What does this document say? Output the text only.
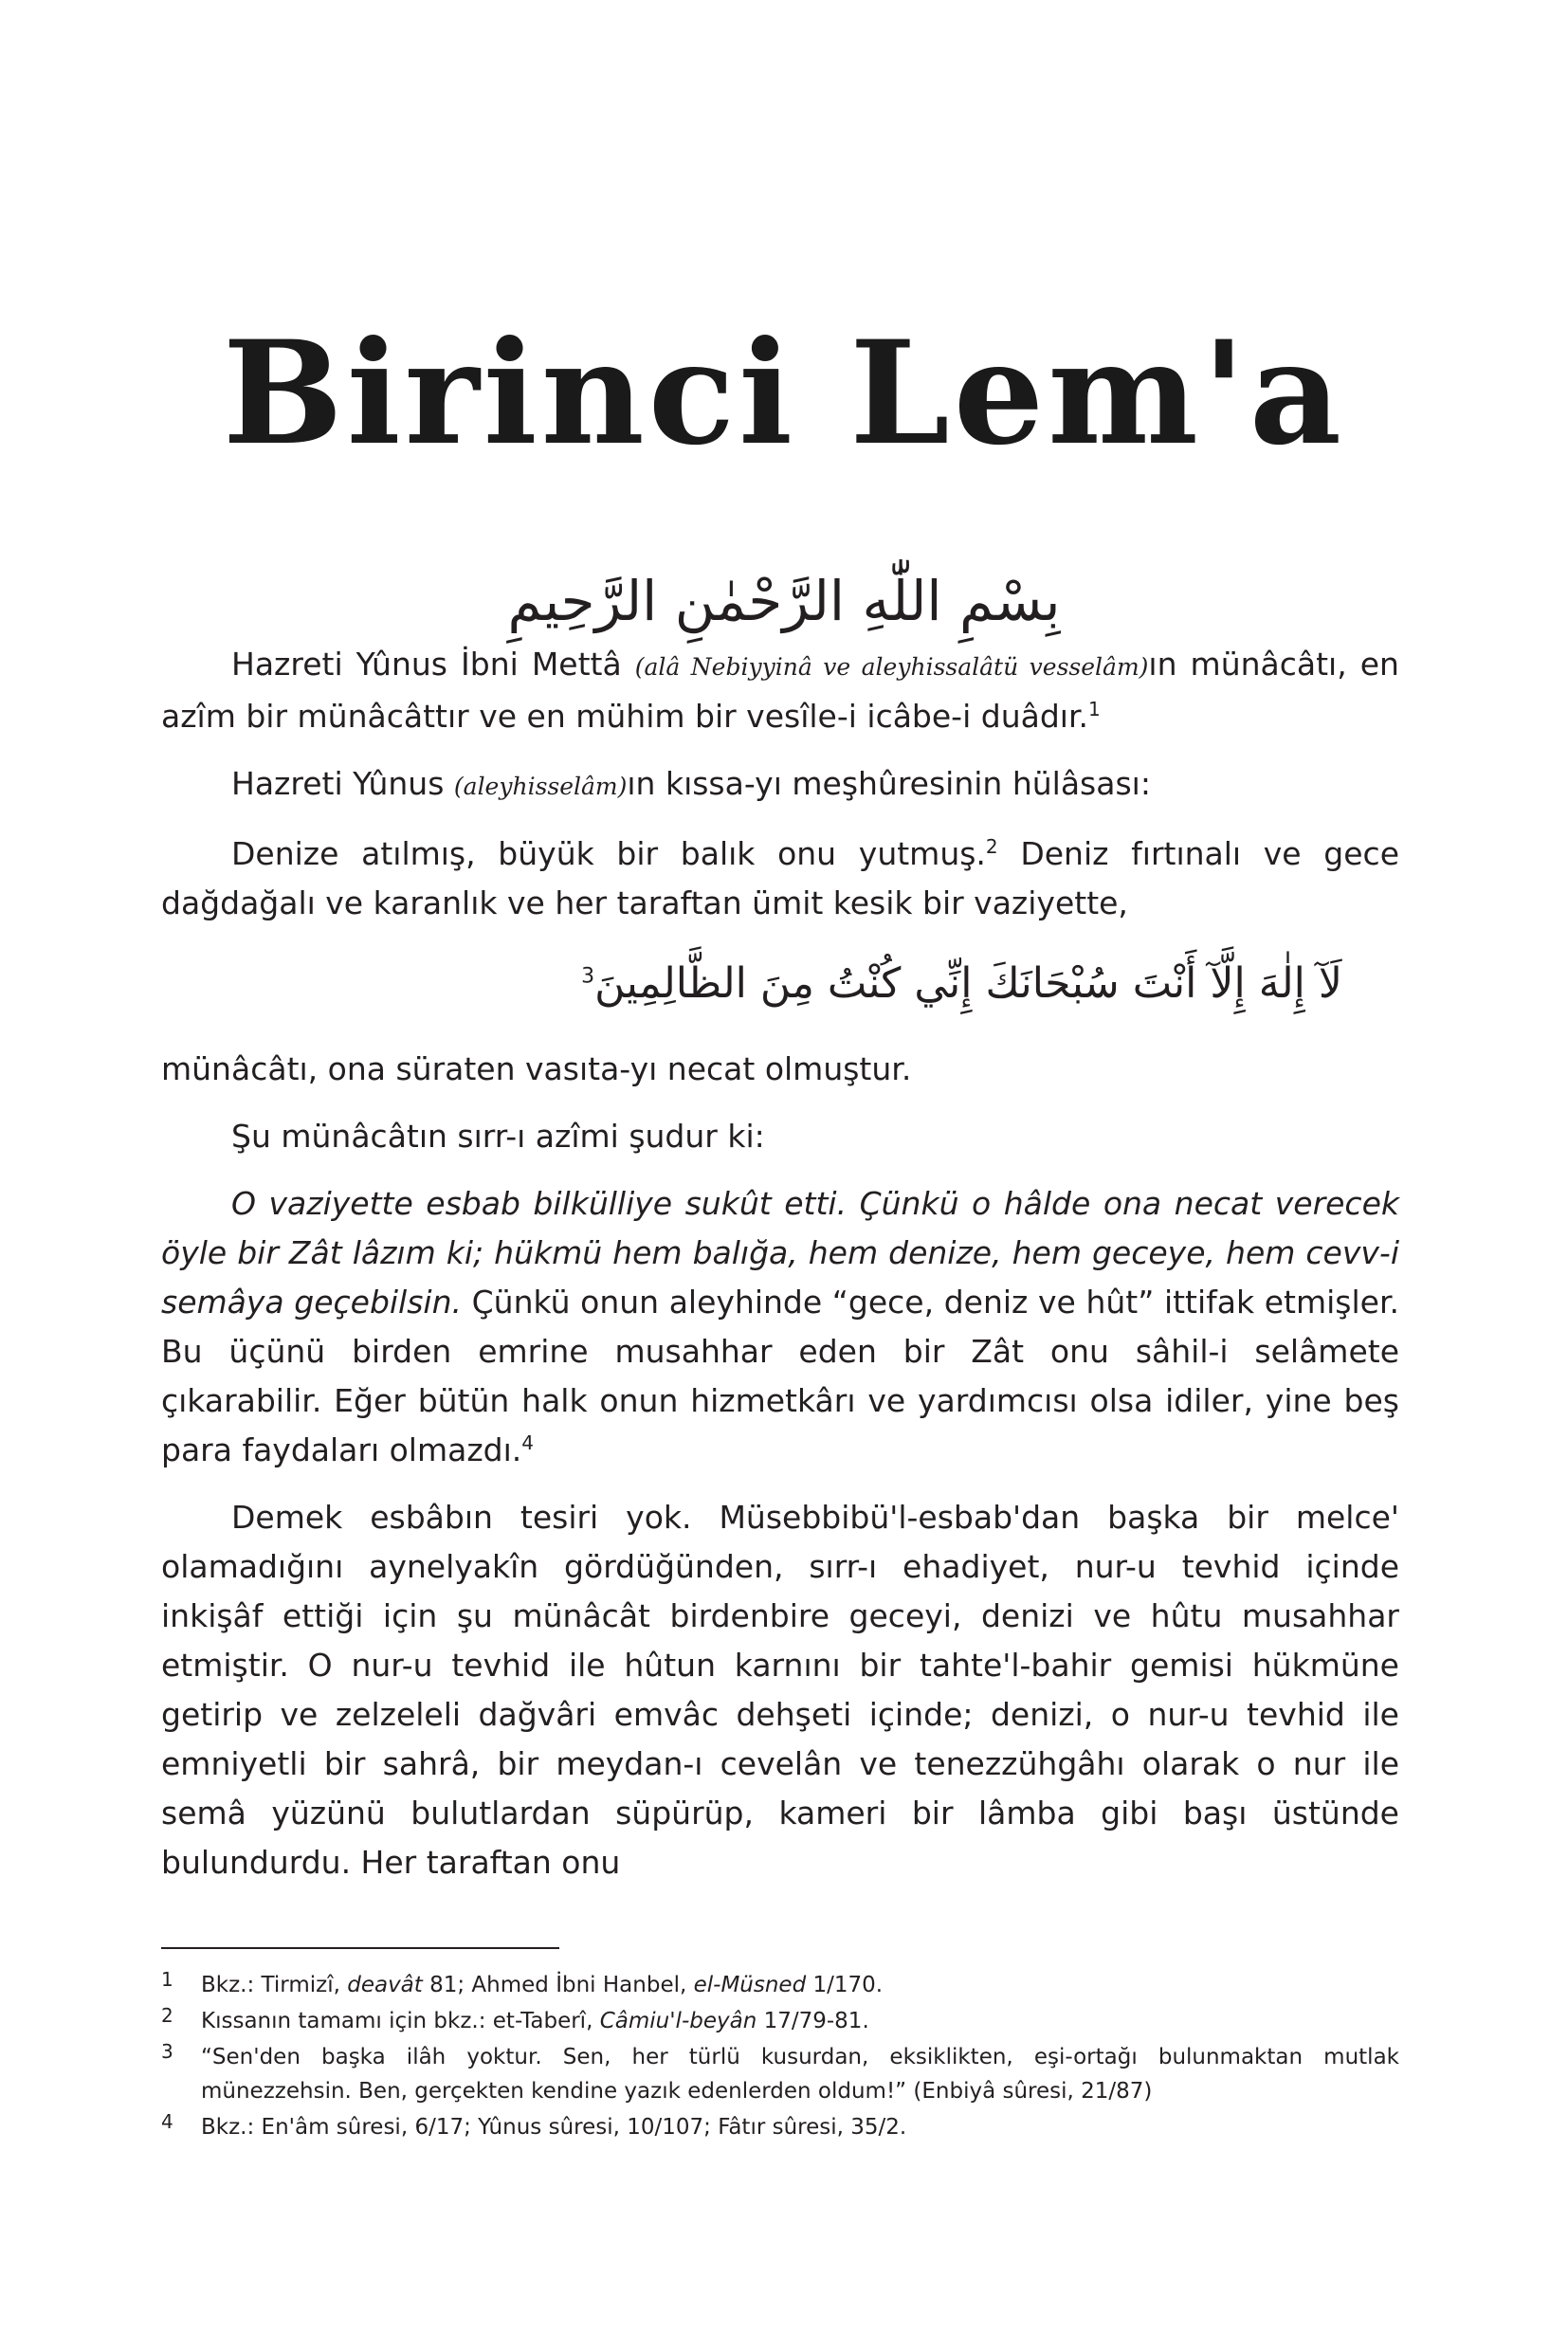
Birinci Lem'a
بِسْمِ اللّٰهِ الرَّحْمٰنِ الرَّحِيمِ

Hazreti Yûnus İbni Mettâ (alâ Nebiyyinâ ve aleyhissalâtü vesselâm)ın münâcâtı, en azîm bir münâcâttır ve en mühim bir vesîle-i icâbe-i duâdır.$^1$

Hazreti Yûnus (aleyhisselâm)ın kıssa-yı meşhûresinin hülâsası:

Denize atılmış, büyük bir balık onu yutmuş.$^2$ Deniz fırtınalı ve gece dağdağalı ve karanlık ve her taraftan ümit kesik bir vaziyette,

لَآ إِلٰهَ إِلَّآ أَنْتَ سُبْحَانَكَ إِنِّي كُنْتُ مِنَ الظَّالِمِينَ$^3$

münâcâtı, ona süraten vasıta-yı necat olmuştur.

Şu münâcâtın sırr-ı azîmi şudur ki:

O vaziyette esbab bilkülliye sukût etti. Çünkü o hâlde ona necat verecek öyle bir Zât lâzım ki; hükmü hem balığa, hem denize, hem geceye, hem cevv-i semâya geçebilsin. Çünkü onun aleyhinde “gece, deniz ve hût” ittifak etmişler. Bu üçünü birden emrine musahhar eden bir Zât onu sâhil-i selâmete çıkarabilir. Eğer bütün halk onun hizmetkârı ve yardımcısı olsa idiler, yine beş para faydaları olmazdı.$^4$

Demek esbâbın tesiri yok. Müsebbibü'l-esbab'dan başka bir melce' olamadığını aynelyakîn gördüğünden, sırr-ı ehadiyet, nur-u tevhid içinde inkişâf ettiği için şu münâcât birdenbire geceyi, denizi ve hûtu musahhar etmiştir. O nur-u tevhid ile hûtun karnını bir tahte'l-bahir gemisi hükmüne getirip ve zelzeleli dağvâri emvâc dehşeti içinde; denizi, o nur-u tevhid ile emniyetli bir sahrâ, bir meydan-ı cevelân ve tenezzühgâhı olarak o nur ile semâ yüzünü bulutlardan süpürüp, kameri bir lâmba gibi başı üstünde bulundurdu. Her taraftan onu

1	Bkz.: Tirmizî, deavât 81; Ahmed İbni Hanbel, el-Müsned 1/170.
2	Kıssanın tamamı için bkz.: et-Taberî, Câmiu'l-beyân 17/79-81.
3	“Sen'den başka ilâh yoktur. Sen, her türlü kusurdan, eksiklikten, eşi-ortağı bulunmaktan mutlak münezzehsin. Ben, gerçekten kendine yazık edenlerden oldum!” (Enbiyâ sûresi, 21/87)
4	Bkz.: En'âm sûresi, 6/17; Yûnus sûresi, 10/107; Fâtır sûresi, 35/2.
